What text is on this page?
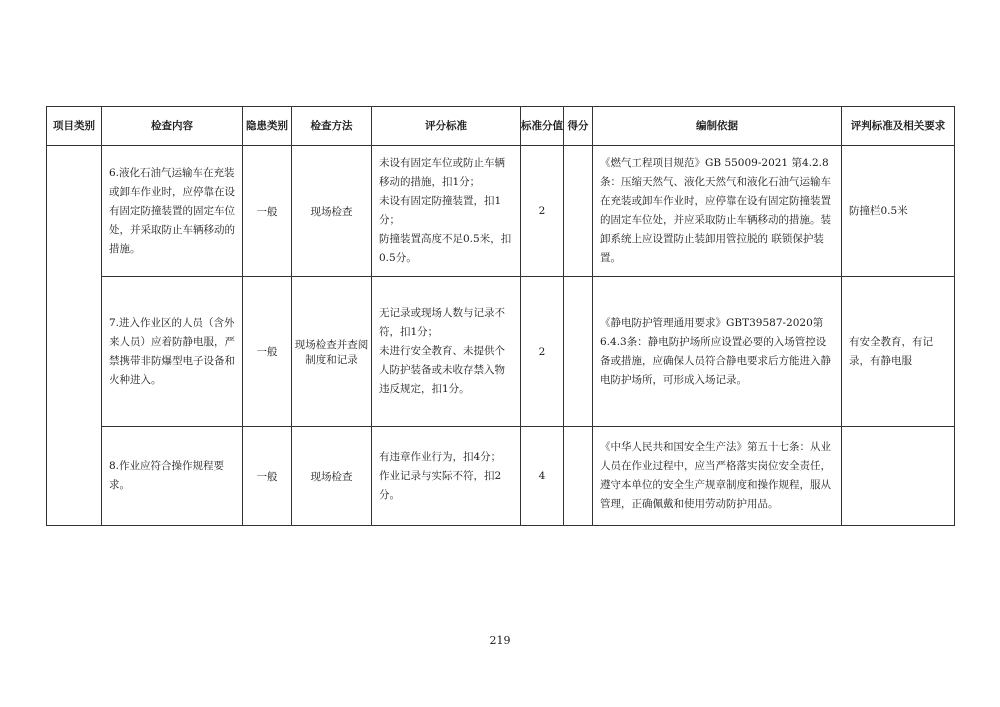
项目类别	检查内容	隐患类别	检查方法	评分标准	标准分值	得分	编制依据	评判标准及相关要求
	6.液化石油气运输车在充装或卸车作业时，应停靠在设有固定防撞装置的固定车位处，并采取防止车辆移动的措施。	一般	现场检查	未设有固定车位或防止车辆移动的措施，扣1分；
未设有固定防撞装置，扣1分；
防撞装置高度不足0.5米，扣0.5分。	2		《燃气工程项目规范》GB 55009-2021 第4.2.8条：压缩天然气、液化天然气和液化石油气运输车在充装或卸车作业时，应停靠在设有固定防撞装置的固定车位处，并应采取防止车辆移动的措施。装卸系统上应设置防止装卸用管拉脱的 联锁保护装置。	防撞栏0.5米
	7.进入作业区的人员（含外来人员）应着防静电服，严禁携带非防爆型电子设备和火种进入。	一般	现场检查并查阅制度和记录	无记录或现场人数与记录不符，扣1分；
未进行安全教育、未提供个人防护装备或未收存禁入物违反规定，扣1分。	2		《静电防护管理通用要求》GBT39587-2020第6.4.3条：静电防护场所应设置必要的入场管控设备或措施，应确保人员符合静电要求后方能进入静电防护场所，可形成入场记录。	有安全教育，有记录，有静电服
	8.作业应符合操作规程要求。	一般	现场检查	有违章作业行为，扣4分；
作业记录与实际不符，扣2分。	4		《中华人民共和国安全生产法》第五十七条：从业人员在作业过程中，应当严格落实岗位安全责任，遵守本单位的安全生产规章制度和操作规程，服从管理，正确佩戴和使用劳动防护用品。	
219
